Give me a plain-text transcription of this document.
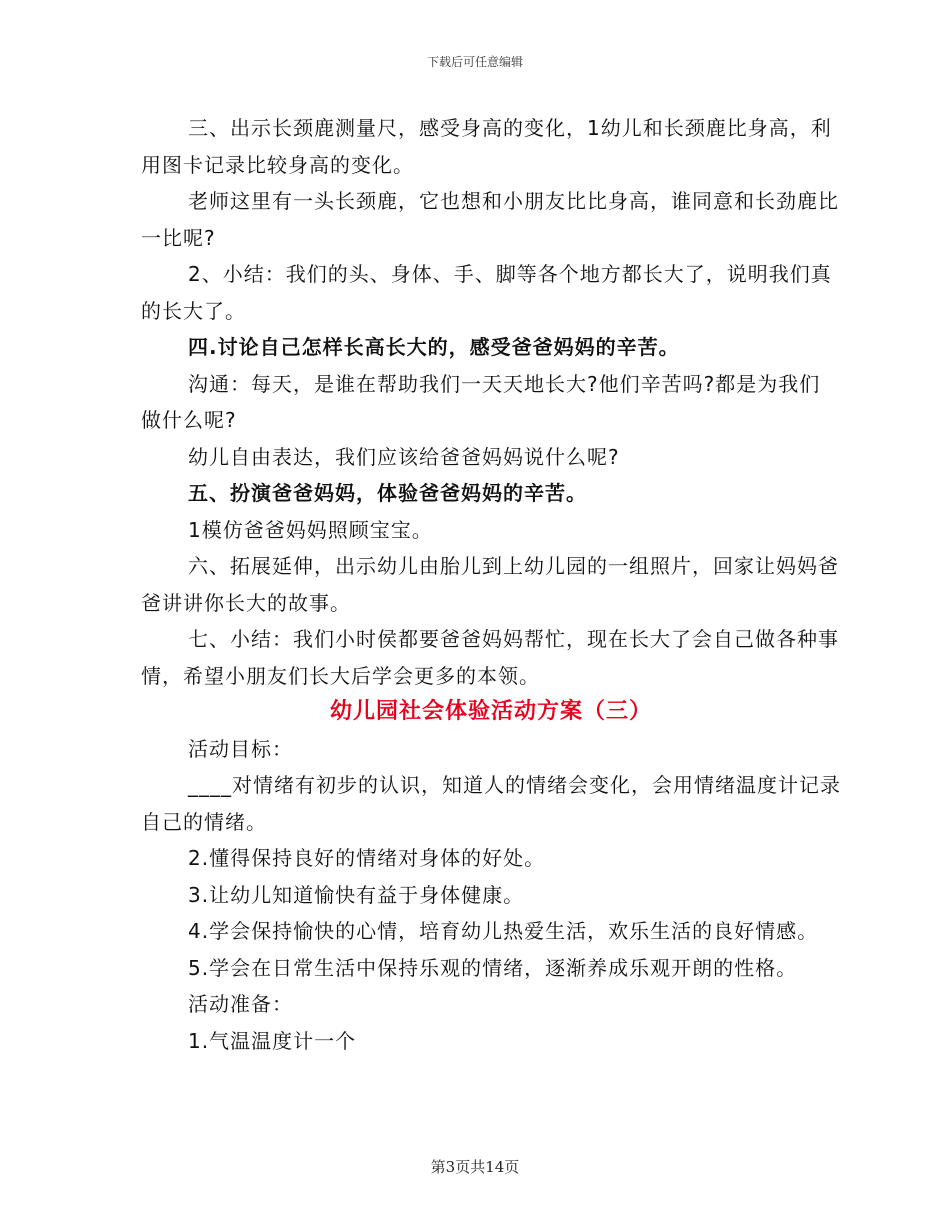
下载后可任意编辑

三、出示长颈鹿测量尺，感受身高的变化，1幼儿和长颈鹿比身高，利用图卡记录比较身高的变化。

老师这里有一头长颈鹿，它也想和小朋友比比身高，谁同意和长劲鹿比一比呢?

2、小结：我们的头、身体、手、脚等各个地方都长大了，说明我们真的长大了。

四.讨论自己怎样长高长大的，感受爸爸妈妈的辛苦。

沟通：每天，是谁在帮助我们一天天地长大?他们辛苦吗?都是为我们做什么呢?

幼儿自由表达，我们应该给爸爸妈妈说什么呢?

五、扮演爸爸妈妈，体验爸爸妈妈的辛苦。

1模仿爸爸妈妈照顾宝宝。

六、拓展延伸，出示幼儿由胎儿到上幼儿园的一组照片，回家让妈妈爸爸讲讲你长大的故事。

七、小结：我们小时侯都要爸爸妈妈帮忙，现在长大了会自己做各种事情，希望小朋友们长大后学会更多的本领。

幼儿园社会体验活动方案（三）

活动目标：

____对情绪有初步的认识，知道人的情绪会变化，会用情绪温度计记录自己的情绪。

2.懂得保持良好的情绪对身体的好处。

3.让幼儿知道愉快有益于身体健康。

4.学会保持愉快的心情，培育幼儿热爱生活，欢乐生活的良好情感。

5.学会在日常生活中保持乐观的情绪，逐渐养成乐观开朗的性格。

活动准备：

1.气温温度计一个

第3页共14页
